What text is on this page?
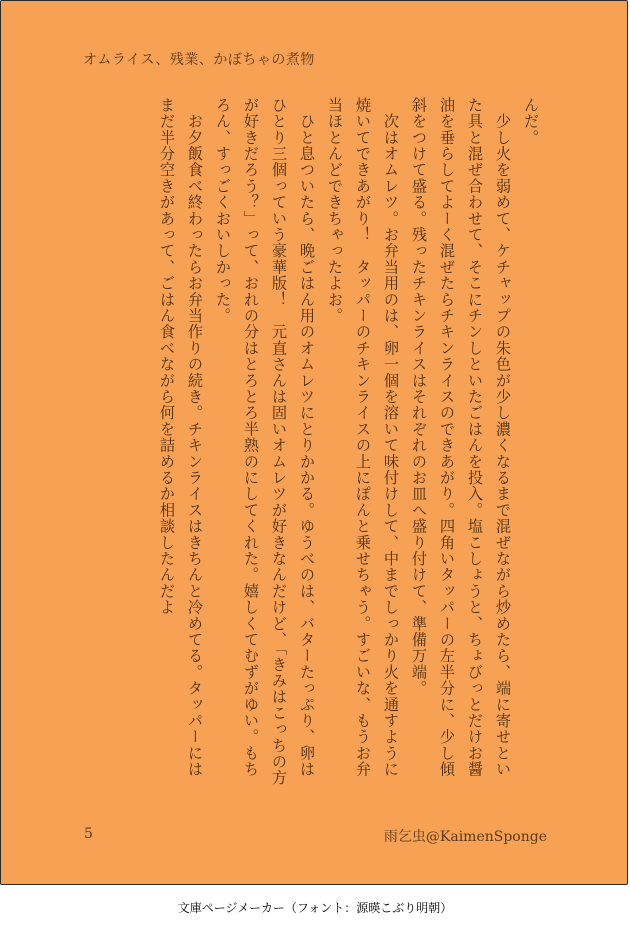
オムライス、残業、かぼちゃの煮物

んだ。

　少し火を弱めて、ケチャップの朱色が少し濃くなるまで混ぜながら炒めたら、端に寄せといた具と混ぜ合わせて、そこにチンしといたごはんを投入。塩こしょうと、ちょびっとだけお醤油を垂らしてよーく混ぜたらチキンライスのできあがり。四角いタッパーの左半分に、少し傾斜をつけて盛る。残ったチキンライスはそれぞれのお皿へ盛り付けて、準備万端。

　次はオムレツ。お弁当用のは、卵一個を溶いて味付けして、中までしっかり火を通すように焼いてできあがり！　タッパーのチキンライスの上にぽんと乗せちゃう。すごいな、もうお弁当ほとんどできちゃったよお。

　ひと息ついたら、晩ごはん用のオムレツにとりかかる。ゆうべのは、バターたっぷり、卵はひとり三個っていう豪華版！　元直さんは固いオムレツが好きなんだけど、「きみはこっちの方が好きだろう？」って、おれの分はとろとろ半熟のにしてくれた。嬉しくてむずがゆい。もちろん、すっごくおいしかった。

　お夕飯食べ終わったらお弁当作りの続き。チキンライスはきちんと冷めてる。タッパーにはまだ半分空きがあって、ごはん食べながら何を詰めるか相談したんだよ

5	雨乞虫@KaimenSponge
文庫ページメーカー（フォント：源暎こぶり明朝）
